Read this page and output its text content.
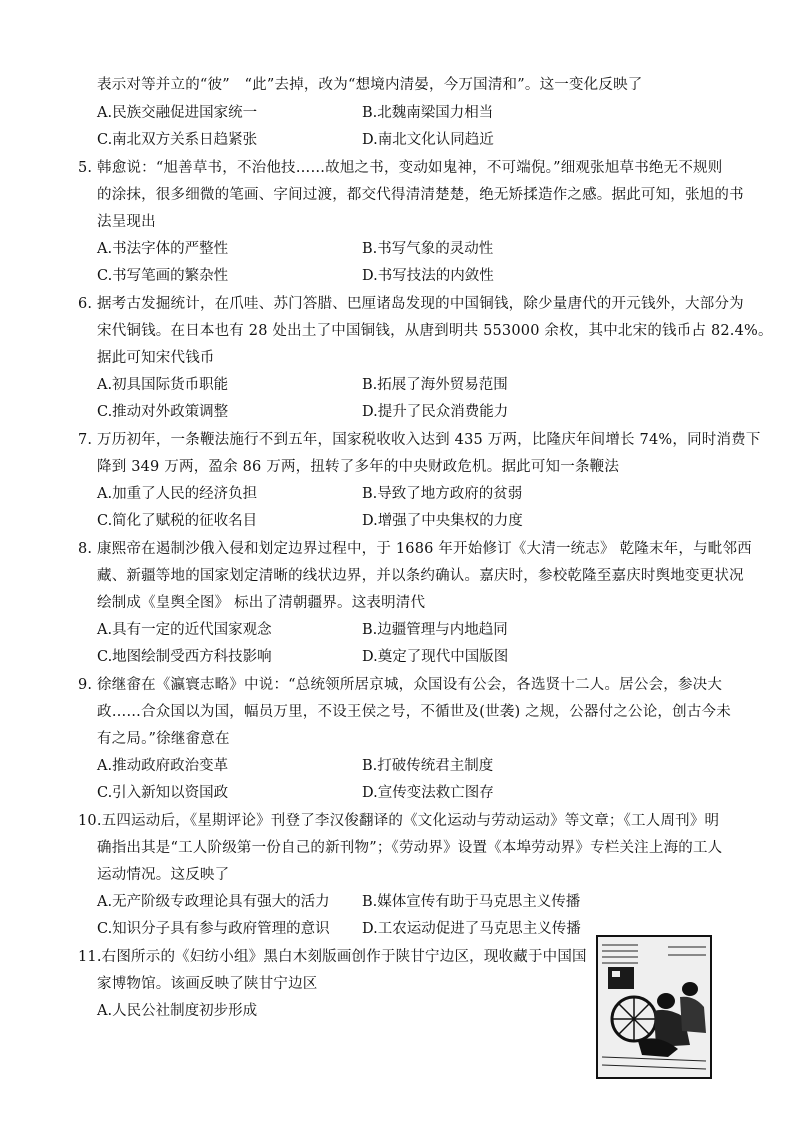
表示对等并立的“彼”　“此”去掉，改为“想境内清晏，今万国清和”。这一变化反映了
A.民族交融促进国家统一	B.北魏南梁国力相当
C.南北双方关系日趋紧张	D.南北文化认同趋近
5. 韩愈说：“旭善草书，不治他技……故旭之书，变动如鬼神，不可端倪。”细观张旭草书绝无不规则
的涂抹，很多细微的笔画、字间过渡，都交代得清清楚楚，绝无矫揉造作之感。据此可知，张旭的书
法呈现出
A.书法字体的严整性	B.书写气象的灵动性
C.书写笔画的繁杂性	D.书写技法的内敛性
6. 据考古发掘统计，在爪哇、苏门答腊、巴厘诸岛发现的中国铜钱，除少量唐代的开元钱外，大部分为
宋代铜钱。在日本也有 28 处出土了中国铜钱，从唐到明共 553000 余枚，其中北宋的钱币占 82.4%。
据此可知宋代钱币
A.初具国际货币职能	B.拓展了海外贸易范围
C.推动对外政策调整	D.提升了民众消费能力
7. 万历初年，一条鞭法施行不到五年，国家税收收入达到 435 万两，比隆庆年间增长 74%，同时消费下
降到 349 万两，盈余 86 万两，扭转了多年的中央财政危机。据此可知一条鞭法
A.加重了人民的经济负担	B.导致了地方政府的贫弱
C.简化了赋税的征收名目	D.增强了中央集权的力度
8. 康熙帝在遏制沙俄入侵和划定边界过程中，于 1686 年开始修订《大清一统志》 乾隆末年，与毗邻西
藏、新疆等地的国家划定清晰的线状边界，并以条约确认。嘉庆时，参校乾隆至嘉庆时舆地变更状况
绘制成《皇舆全图》 标出了清朝疆界。这表明清代
A.具有一定的近代国家观念	B.边疆管理与内地趋同
C.地图绘制受西方科技影响	D.奠定了现代中国版图
9. 徐继畲在《瀛寰志略》中说：“总统领所居京城，众国设有公会，各选贤十二人。居公会，参决大
政……合众国以为国，幅员万里，不设王侯之号，不循世及(世袭) 之规，公器付之公论，创古今未
有之局。”徐继畲意在
A.推动政府政治变革	B.打破传统君主制度
C.引入新知以资国政	D.宣传变法救亡图存
10.五四运动后，《星期评论》刊登了李汉俊翻译的《文化运动与劳动运动》等文章；《工人周刊》明
确指出其是“工人阶级第一份自己的新刊物”；《劳动界》设置《本埠劳动界》专栏关注上海的工人
运动情况。这反映了
A.无产阶级专政理论具有强大的活力 B.媒体宣传有助于马克思主义传播
C.知识分子具有参与政府管理的意识 D.工农运动促进了马克思主义传播
11.右图所示的《妇纺小组》黑白木刻版画创作于陕甘宁边区，现收藏于中国国
家博物馆。该画反映了陕甘宁边区
A.人民公社制度初步形成
